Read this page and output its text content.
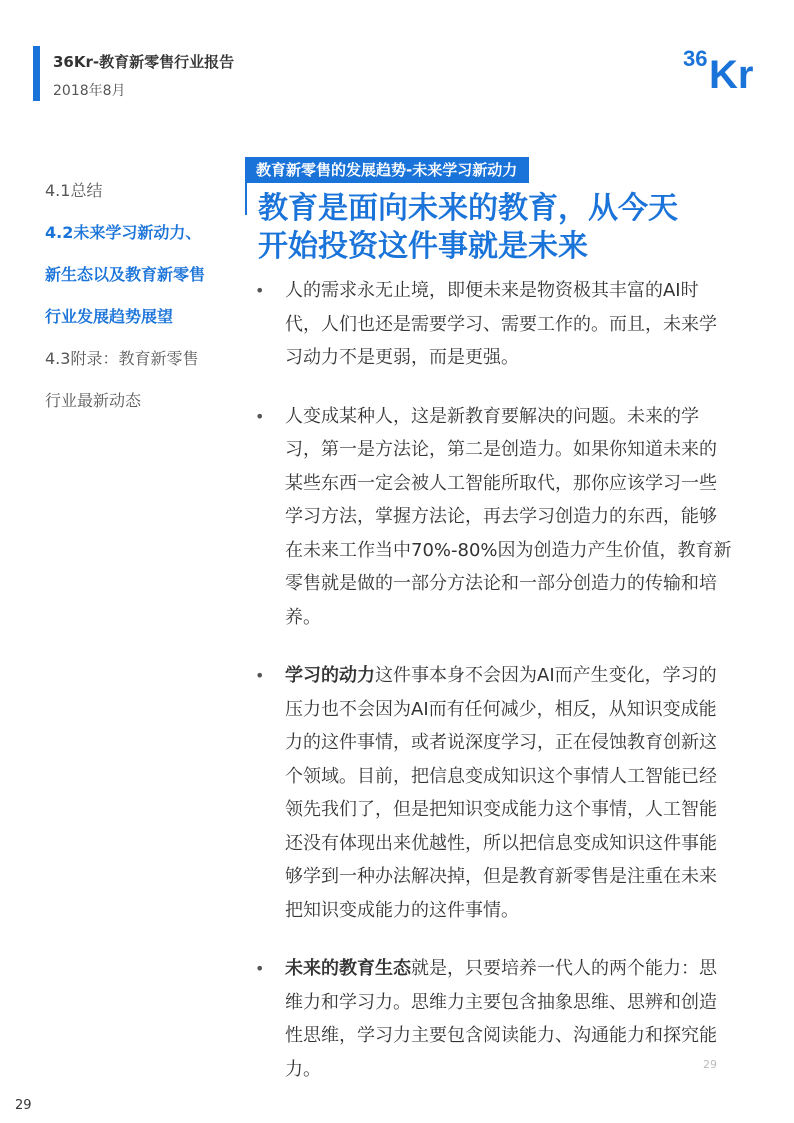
36Kr-教育新零售行业报告
2018年8月
36 Kr
4.1总结
4.2未来学习新动力、
新生态以及教育新零售
行业发展趋势展望
4.3附录：教育新零售
行业最新动态
教育新零售的发展趋势-未来学习新动力
教育是面向未来的教育，从今天
开始投资这件事就是未来
• 人的需求永无止境，即便未来是物资极其丰富的AI时代，人们也还是需要学习、需要工作的。而且，未来学习动力不是更弱，而是更强。
• 人变成某种人，这是新教育要解决的问题。未来的学习，第一是方法论，第二是创造力。如果你知道未来的某些东西一定会被人工智能所取代，那你应该学习一些学习方法，掌握方法论，再去学习创造力的东西，能够在未来工作当中70%-80%因为创造力产生价值，教育新零售就是做的一部分方法论和一部分创造力的传输和培养。
• 学习的动力这件事本身不会因为AI而产生变化，学习的压力也不会因为AI而有任何减少，相反，从知识变成能力的这件事情，或者说深度学习，正在侵蚀教育创新这个领域。目前，把信息变成知识这个事情人工智能已经领先我们了，但是把知识变成能力这个事情，人工智能还没有体现出来优越性，所以把信息变成知识这件事能够学到一种办法解决掉，但是教育新零售是注重在未来把知识变成能力的这件事情。
• 未来的教育生态就是，只要培养一代人的两个能力：思维力和学习力。思维力主要包含抽象思维、思辨和创造性思维，学习力主要包含阅读能力、沟通能力和探究能力。	29
29
